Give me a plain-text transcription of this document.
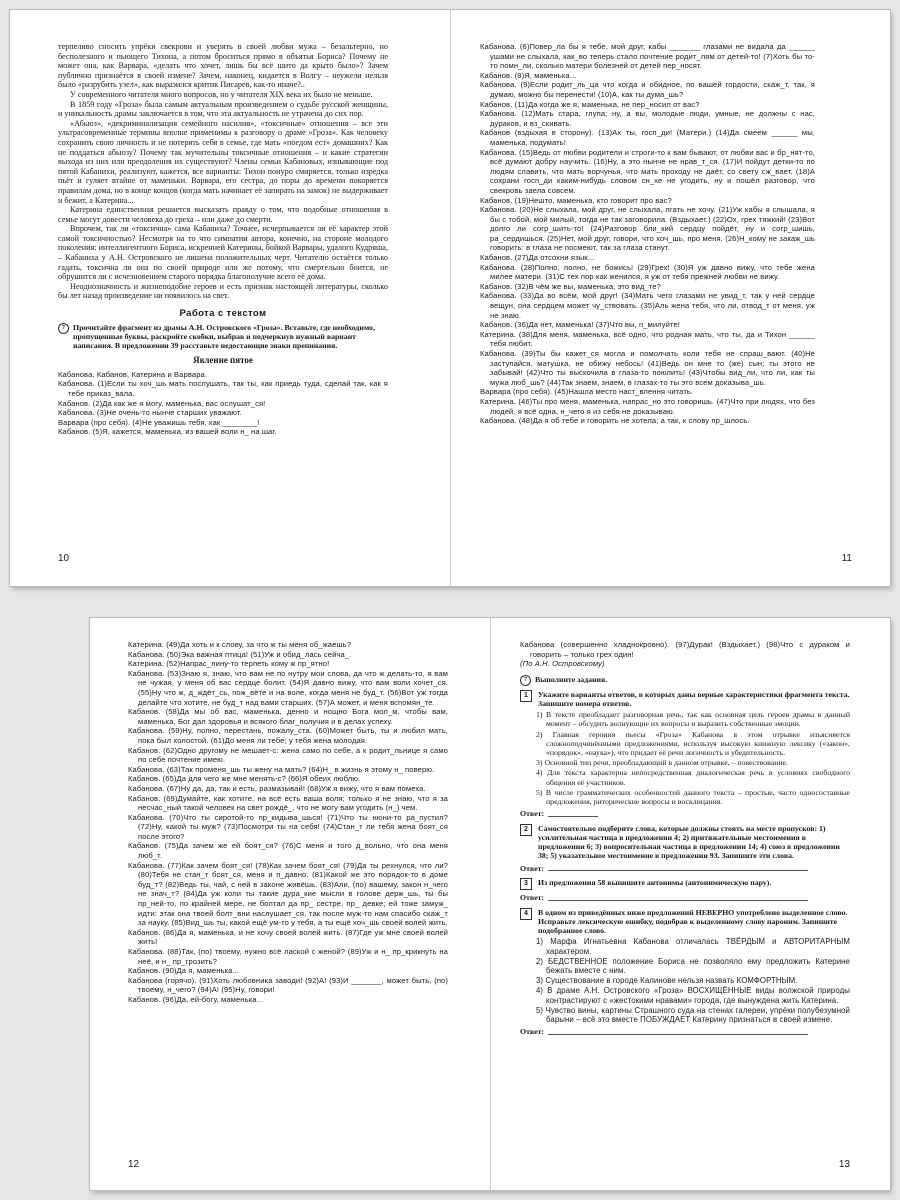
терпеливо сносить упрёки свекрови и уверять в своей любви мужа – безальтерно, но бесполезного и пьющего Тихона, а потом броситься прямо в объятья Бориса? Почему не может она, как Варвара, «делать что хочет, лишь бы всё шито да крыто было»? Зачем публично признаётся в своей измене? Зачем, наконец, кидается в Волгу – неужели нельзя было «разрубить узел», как выразился критик Писарев, как-то иначе?..

У современного читателя много вопросов, но у читателя XIX века их было не меньше.

В 1859 году «Гроза» была самым актуальным произведением о судьбе русской женщины, и уникальность драмы заключается в том, что эта актуальность не утрачена до сих пор.

«Абьюз», «декриминализация семейного насилия», «токсичные» отношения – все эти ультрасовременные термины вполне применимы к разговору о драме «Гроза». Как человеку сохранить свою личность и не потерять себя в семье, где мать «поедом ест» домашних? Как не поддаться абьюзу? Почему так мучительны токсичные отношения – и какие стратегии выхода из них или преодоления их существуют? Члены семьи Кабановых, изнывающие под пятой Кабанихи, реализуют, кажется, все варианты: Тихон понуро смиряется, только изредка пьёт и гуляет втайне от маменьки. Варвара, его сестра, до поры до времени покоряется правилам дома, но в конце концов (когда мать начинает её запирать на замок) не выдерживает и бежит, а Катерина...

Катерина единственная решается высказать правду о том, что подобные отношения в семье могут довести человека до греха – или даже до смерти.

Впрочем, так ли «токсична» сама Кабаниха? Точнее, исчерпывается ли её характер этой самой токсичностью? Несмотря на то что симпатии автора, конечно, на стороне молодого поколения: интеллигентного Бориса, искренней Катерины, бойкой Варвары, удалого Кудряша, – Кабаниха у А.Н. Островского не лишена положительных черт. Читателю остаётся только гадать, токсична ли она по своей природе или же потому, что смертельно боится, не обрушится ли с исчезновением старого порядка благополучие всего её дома.

Неоднозначность и жизнеподобие героев и есть признак настоящей литературы, сколько бы лет назад произведение ни появилось на свет.

Работа с текстом
7	Прочитайте фрагмент из драмы А.Н. Островского «Гроза». Вставьте, где необходимо, пропущенные буквы, раскройте скобки, выбрав и подчеркнув нужный вариант написания. В предложении 39 расставьте недостающие знаки препинания.
Явление пятое

Кабанова, Кабанов, Катерина и Варвара.

Кабанова. (1)Если ты хоч_шь мать послушать, так ты, как приедь туда, сделай так, как я тебе приказ_вала.

Кабанов. (2)Да как же я могу, маменька, вас ослушат_ся!

Кабанова. (3)Не очень-то нынче старших уважают.

Варвара (про себя). (4)Не уважишь тебя, как ________!

Кабанов. (5)Я, кажется, маменька, из вашей воли н_ на шаг.

10

Кабанова. (6)Повер_ла бы я тебе, мой друг, кабы _______ глазами не видала да ______ ушами не слыхала, как_во теперь стало почтение родит_лям от детей-то! (7)Хоть бы то-то помн_ли, сколько матери болезней от детей пер_носят.

Кабанов. (8)Я, маменька...

Кабанова. (9)Если родит_ль_ца что когда и обидное, по вашей гордости, скаж_т, так, я думаю, можно бы перенести! (10)А, как ты дума_шь?

Кабанов. (11)Да когда же я, маменька, не пер_носил от вас?

Кабанова. (12)Мать стара, глупа; ну, а вы, молодые люди, умные, не должны с нас, дураков, и вз_скивать.

Кабанов (вздыхая в сторону). (13)Ах ты, госп_ди! (Матери.) (14)Да смеем ______ мы, маменька, подумать!

Кабанова. (15)Ведь от любви родители и строги-то к вам бывают, от любви вас и бр_нят-то, всё думают добру научить. (16)Ну, а это нынче не нрав_т_ся. (17)И пойдут детки-то по людям славить, что мать ворчунья, что мать проходу не даёт, со свету сж_вает. (18)А сохрани госп_ди каким-нибудь словом сн_хе не угодить, ну и пошёл разговор, что свекровь заела совсем.

Кабанов. (19)Нешто, маменька, кто говорит про вас?

Кабанова. (20)Не слыхала, мой друг, не слыхала, лгать не хочу. (21)Уж кабы я слышала, я бы с тобой, мой милый, тогда не так заговорила. (Вздыхает.) (22)Ох, грех тяжкий! (23)Вот долго ли согр_шить-то! (24)Разговор бли_кий сердцу пойдёт, ну и согр_шишь, ра_сердишься. (25)Нет, мой друг, говори, что хоч_шь, про меня. (26)Н_кому не закаж_шь говорить: в глаза не посмеют, так за глаза станут.

Кабанов. (27)Да отсохни язык...

Кабанова. (28)Полно, полно, не божись! (29)Грех! (30)Я уж давно вижу, что тебе жена милее матери. (31)С тех пор как женился, я уж от тебя прежней любви не вижу.

Кабанов. (32)В чём же вы, маменька, это вид_те?

Кабанова. (33)Да во всём, мой друг! (34)Мать чего глазами не увид_т, так у ней сердце вещун, она сердцем может чу_ствовать. (35)Аль жена тебя, что ли, отвод_т от меня, уж не знаю.

Кабанов. (36)Да нет, маменька! (37)Что вы, п_милуйте!

Катерина. (38)Для меня, маменька, всё одно, что родная мать, что ты, да и Тихон ______ тебя любит.

Кабанова. (39)Ты бы кажет_ся могла и помолчать коли тебя не спраш_вают. (40)Не заступайся, матушка, не обижу небось! (41)Ведь он мне то (же) сын; ты этого не забывай! (42)Что ты выскочила в глаза-то поюлить! (43)Чтобы вид_ли, что ли, как ты мужа люб_шь? (44)Так знаем, знаем, в глазах-то ты это всем доказыва_шь.

Варвара (про себя). (45)Нашла место наст_влення читать.

Катерина. (46)Ты про меня, маменька, напрас_но это говоришь. (47)Что при людях, что без людей, я всё одна, н_чего я из себя не доказываю.

Кабанова. (48)Да я об тебе и говорить не хотела; а так, к слову пр_шлось.

11

Катерина. (49)Да хоть и к слову, за что ж ты меня об_жаешь?

Кабанова. (50)Эка важная птица! (51)Уж и обид_лась сейча_.

Катерина. (52)Напрас_лину-то терпеть кому ж пр_ятно!

Кабанова. (53)Знаю я, знаю, что вам не по нутру мои слова, да что ж делать-то, я вам не чужая, у меня об вас сердце болит. (54)Я давно вижу, что вам воли хочет_ся. (55)Ну что ж, д_ждёт_сь, пож_вёте и на воле, когда меня не буд_т. (56)Вот уж тогда делайте что хотите, не буд_т над вами старших. (57)А может, и меня вспомян_те.

Кабанов. (58)Да мы об вас, маменька, денно и нощно Бога мол_м, чтобы вам, маменька, Бог дал здоровья и всякого благ_получия и в делах успеху.

Кабанова. (59)Ну, полно, перестань, пожалу_ста. (60)Может быть, ты и любил мать, пока был холостой. (61)До меня ли тебе; у тебя жена молодая.

Кабанов. (62)Одно другому не мешает-с: жена само по себе, а к родит_льнице я само по себе почтение имею.

Кабанова. (63)Так променя_шь ты жену на мать? (64)Н_ в жизнь я этому н_ поверю.

Кабанов. (65)Да для чего же мне менять-с? (66)Я обеих люблю.

Кабанова. (67)Ну да, да, так и есть, размазывай! (68)Уж я вижу, что я вам помеха.

Кабанов. (69)Думайте, как хотите, на всё есть ваша воля; только я не знаю, что я за несчас_ный такой человек на свет рождё_, что не могу вам угодить (н_) чем.

Кабанова. (70)Что ты сиротой-то пр_кидыва_шься! (71)Что ты нюни-то ра_пустил? (72)Ну, какой ты муж? (73)Посмотри ты на себя! (74)Стан_т ли тебя жена боят_ся после этого?

Кабанов. (75)Да зачем же ей боят_ся? (76)С меня и того д_вольно, что она меня люб_т.

Кабанова. (77)Как зачем боят_ся! (78)Как зачем боят_ся! (79)Да ты рехнулся, что ли? (80)Тебя не стан_т боят_ся, меня и п_давно. (81)Какой же это порядок-то в доме буд_т? (82)Ведь ты, чай, с ней в законе живёшь. (83)Али, (по) вашему, закон н_чего не знач_т? (84)Да уж коли ты такие дура_кие мысли в голове держ_шь, ты бы пр_ней-то, по крайней мере, не болтал да пр_ сестре, пр_ девке; ей тоже замуж_ идти: этак она твоей болт_вни наслушает_ся, так после муж-то нам спасибо скаж_т за науку. (85)Вид_шь ты, какой ещё ум-то у тебя, а ты ещё хоч_шь своей волей жить.

Кабанов. (86)Да я, маменька, и не хочу своей волей жить. (87)Где уж мне своей волей жить!

Кабанова. (88)Так, (по) твоему, нужно всё лаской с женой? (89)Уж и н_ пр_крикнуть на неё, и н_ пр_грозить?

Кабанов. (90)Да я, маменька...

Кабанова (горячо). (91)Хоть любовника заводи! (92)А! (93)И _______, может быть, (по) твоему, н_чего? (94)А! (95)Ну, говори!

Кабанов. (96)Да, ей-богу, маменька...

12

Кабанова (совершенно хладнокровно). (97)Дурак! (Вздыхает.) (98)Что с дураком и говорить – только грех один!

(По А.Н. Островскому)

7	Выполните задания.
1	Укажите варианты ответов, в которых даны верные характеристики фрагмента текста. Запишите номера ответов.

1) В тексте преобладает разговорная речь, так как основная цель героев драмы в данный момент – обсудить волнующие их вопросы и выразить собственные эмоции.

2) Главная героиня пьесы «Гроза» Кабанова в этом отрывке изъясняется сложноподчинёнными предложениями, используя высокую книжную лексику («закон», «порядок», «наука»), что придает её речи логичность и убедительность.

3) Основной тип речи, преобладающий в данном отрывке, – повествование.

4) Для текста характерна непосредственная диалогическая речь в условиях свободного общения её участников.

5) В числе грамматических особенностей данного текста – простые, часто односоставные предложения, риторические вопросы и восклицания.

Ответ:
2	Самостоятельно подберите слова, которые должны стоять на месте пропусков: 1) усилительная частица в предложении 4; 2) притяжательные местоимения в предложении 6; 3) вопросительная частица в предложении 14; 4) союз в предложении 38; 5) указательное местоимение в предложении 93. Запишите эти слова.
Ответ:
3	Из предложения 58 выпишите антонимы (антонимическую пару).
Ответ:
4	В одном из приведённых ниже предложений НЕВЕРНО употреблено выделенное слово. Исправьте лексическую ошибку, подобрав к выделенному слову пароним. Запишите подобранное слово.

1) Марфа Игнатьевна Кабанова отличалась ТВЁРДЫМ и АВТОРИТАРНЫМ характером.

2) БЕДСТВЕННОЕ положение Бориса не позволяло ему предложить Катерине бежать вместе с ним.

3) Существование в городе Калинове нельзя назвать КОМФОРТНЫМ.

4) В драме А.Н. Островского «Гроза» ВОСХИЩЁННЫЕ виды волжской природы контрастируют с «жестокими нравами» города, где вынуждена жить Катерина.

5) Чувство вины, картины Страшного суда на стенах галереи, упрёки полубезумной барыни – всё это вместе ПОБУЖДАЕТ Катерину признаться в своей измене.

Ответ:
13
